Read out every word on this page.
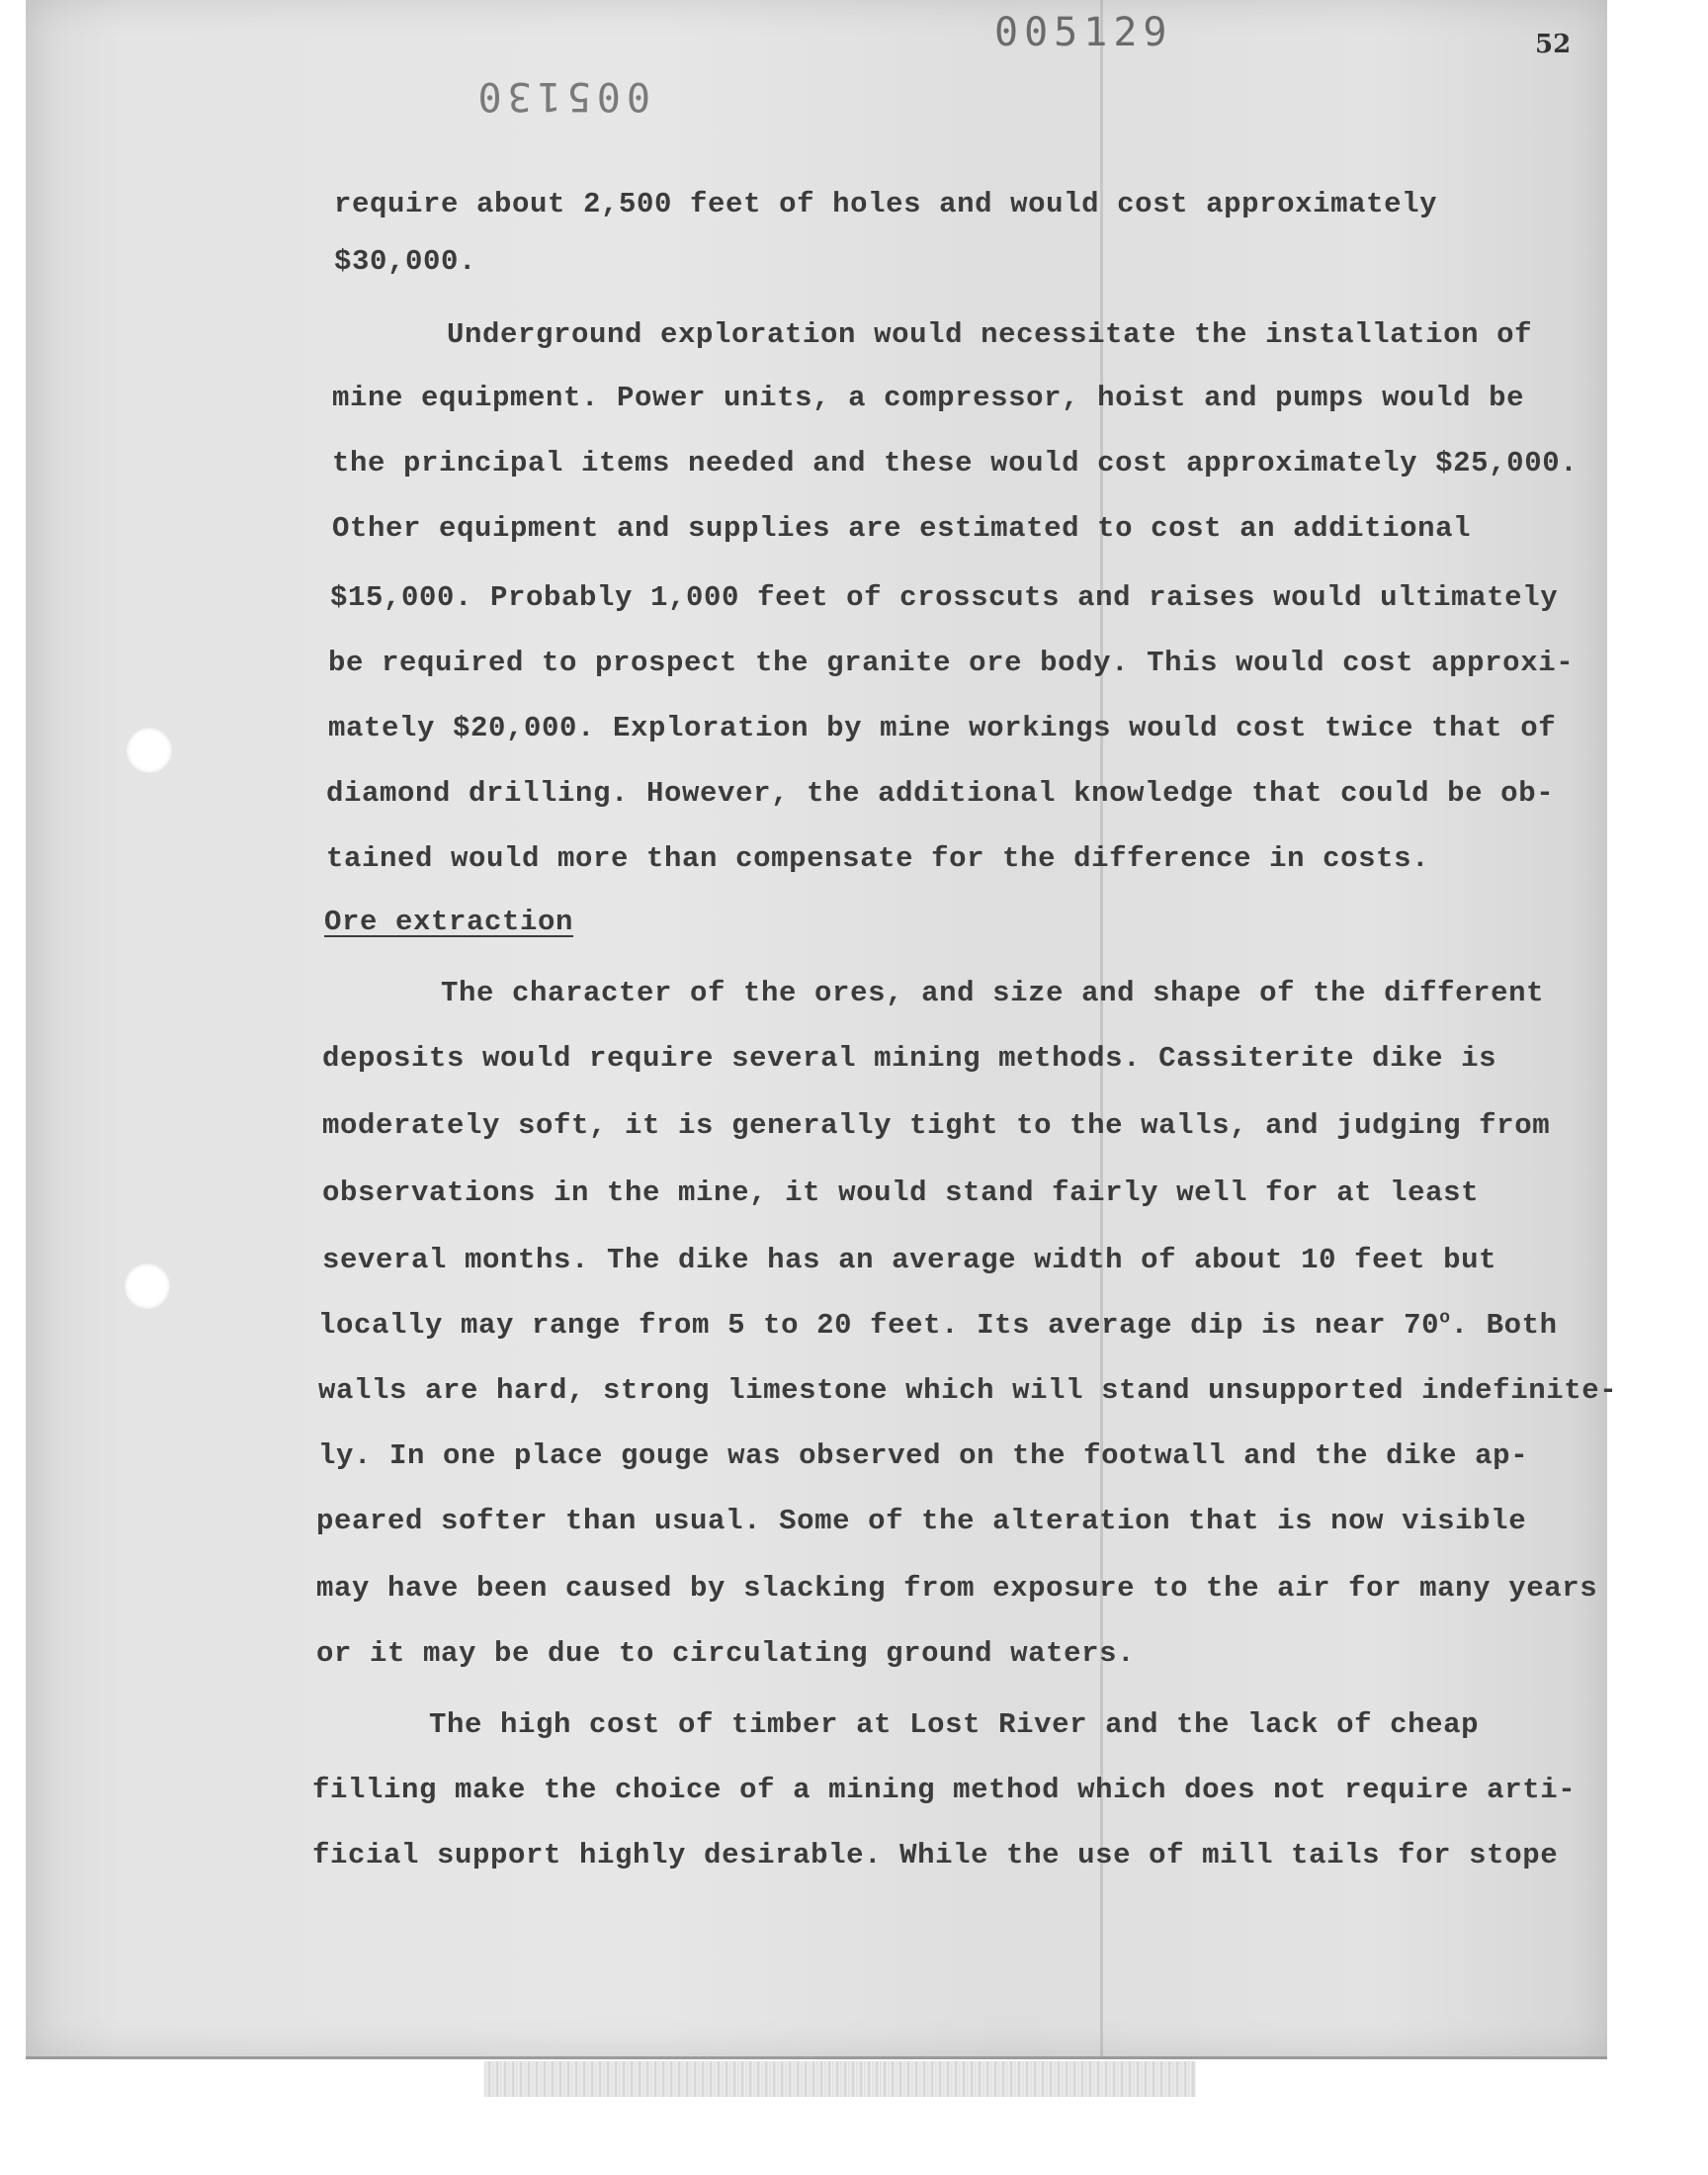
005129
005130
52
require about 2,500 feet of holes and would cost approximately
$30,000.
Underground exploration would necessitate the installation of
mine equipment. Power units, a compressor, hoist and pumps would be
the principal items needed and these would cost approximately $25,000.
Other equipment and supplies are estimated to cost an additional
$15,000. Probably 1,000 feet of crosscuts and raises would ultimately
be required to prospect the granite ore body. This would cost approxi-
mately $20,000. Exploration by mine workings would cost twice that of
diamond drilling. However, the additional knowledge that could be ob-
tained would more than compensate for the difference in costs.
Ore extraction
The character of the ores, and size and shape of the different
deposits would require several mining methods. Cassiterite dike is
moderately soft, it is generally tight to the walls, and judging from
observations in the mine, it would stand fairly well for at least
several months. The dike has an average width of about 10 feet but
locally may range from 5 to 20 feet. Its average dip is near 70$^o$. Both
walls are hard, strong limestone which will stand unsupported indefinite-
ly. In one place gouge was observed on the footwall and the dike ap-
peared softer than usual. Some of the alteration that is now visible
may have been caused by slacking from exposure to the air for many years
or it may be due to circulating ground waters.
The high cost of timber at Lost River and the lack of cheap
filling make the choice of a mining method which does not require arti-
ficial support highly desirable. While the use of mill tails for stope
